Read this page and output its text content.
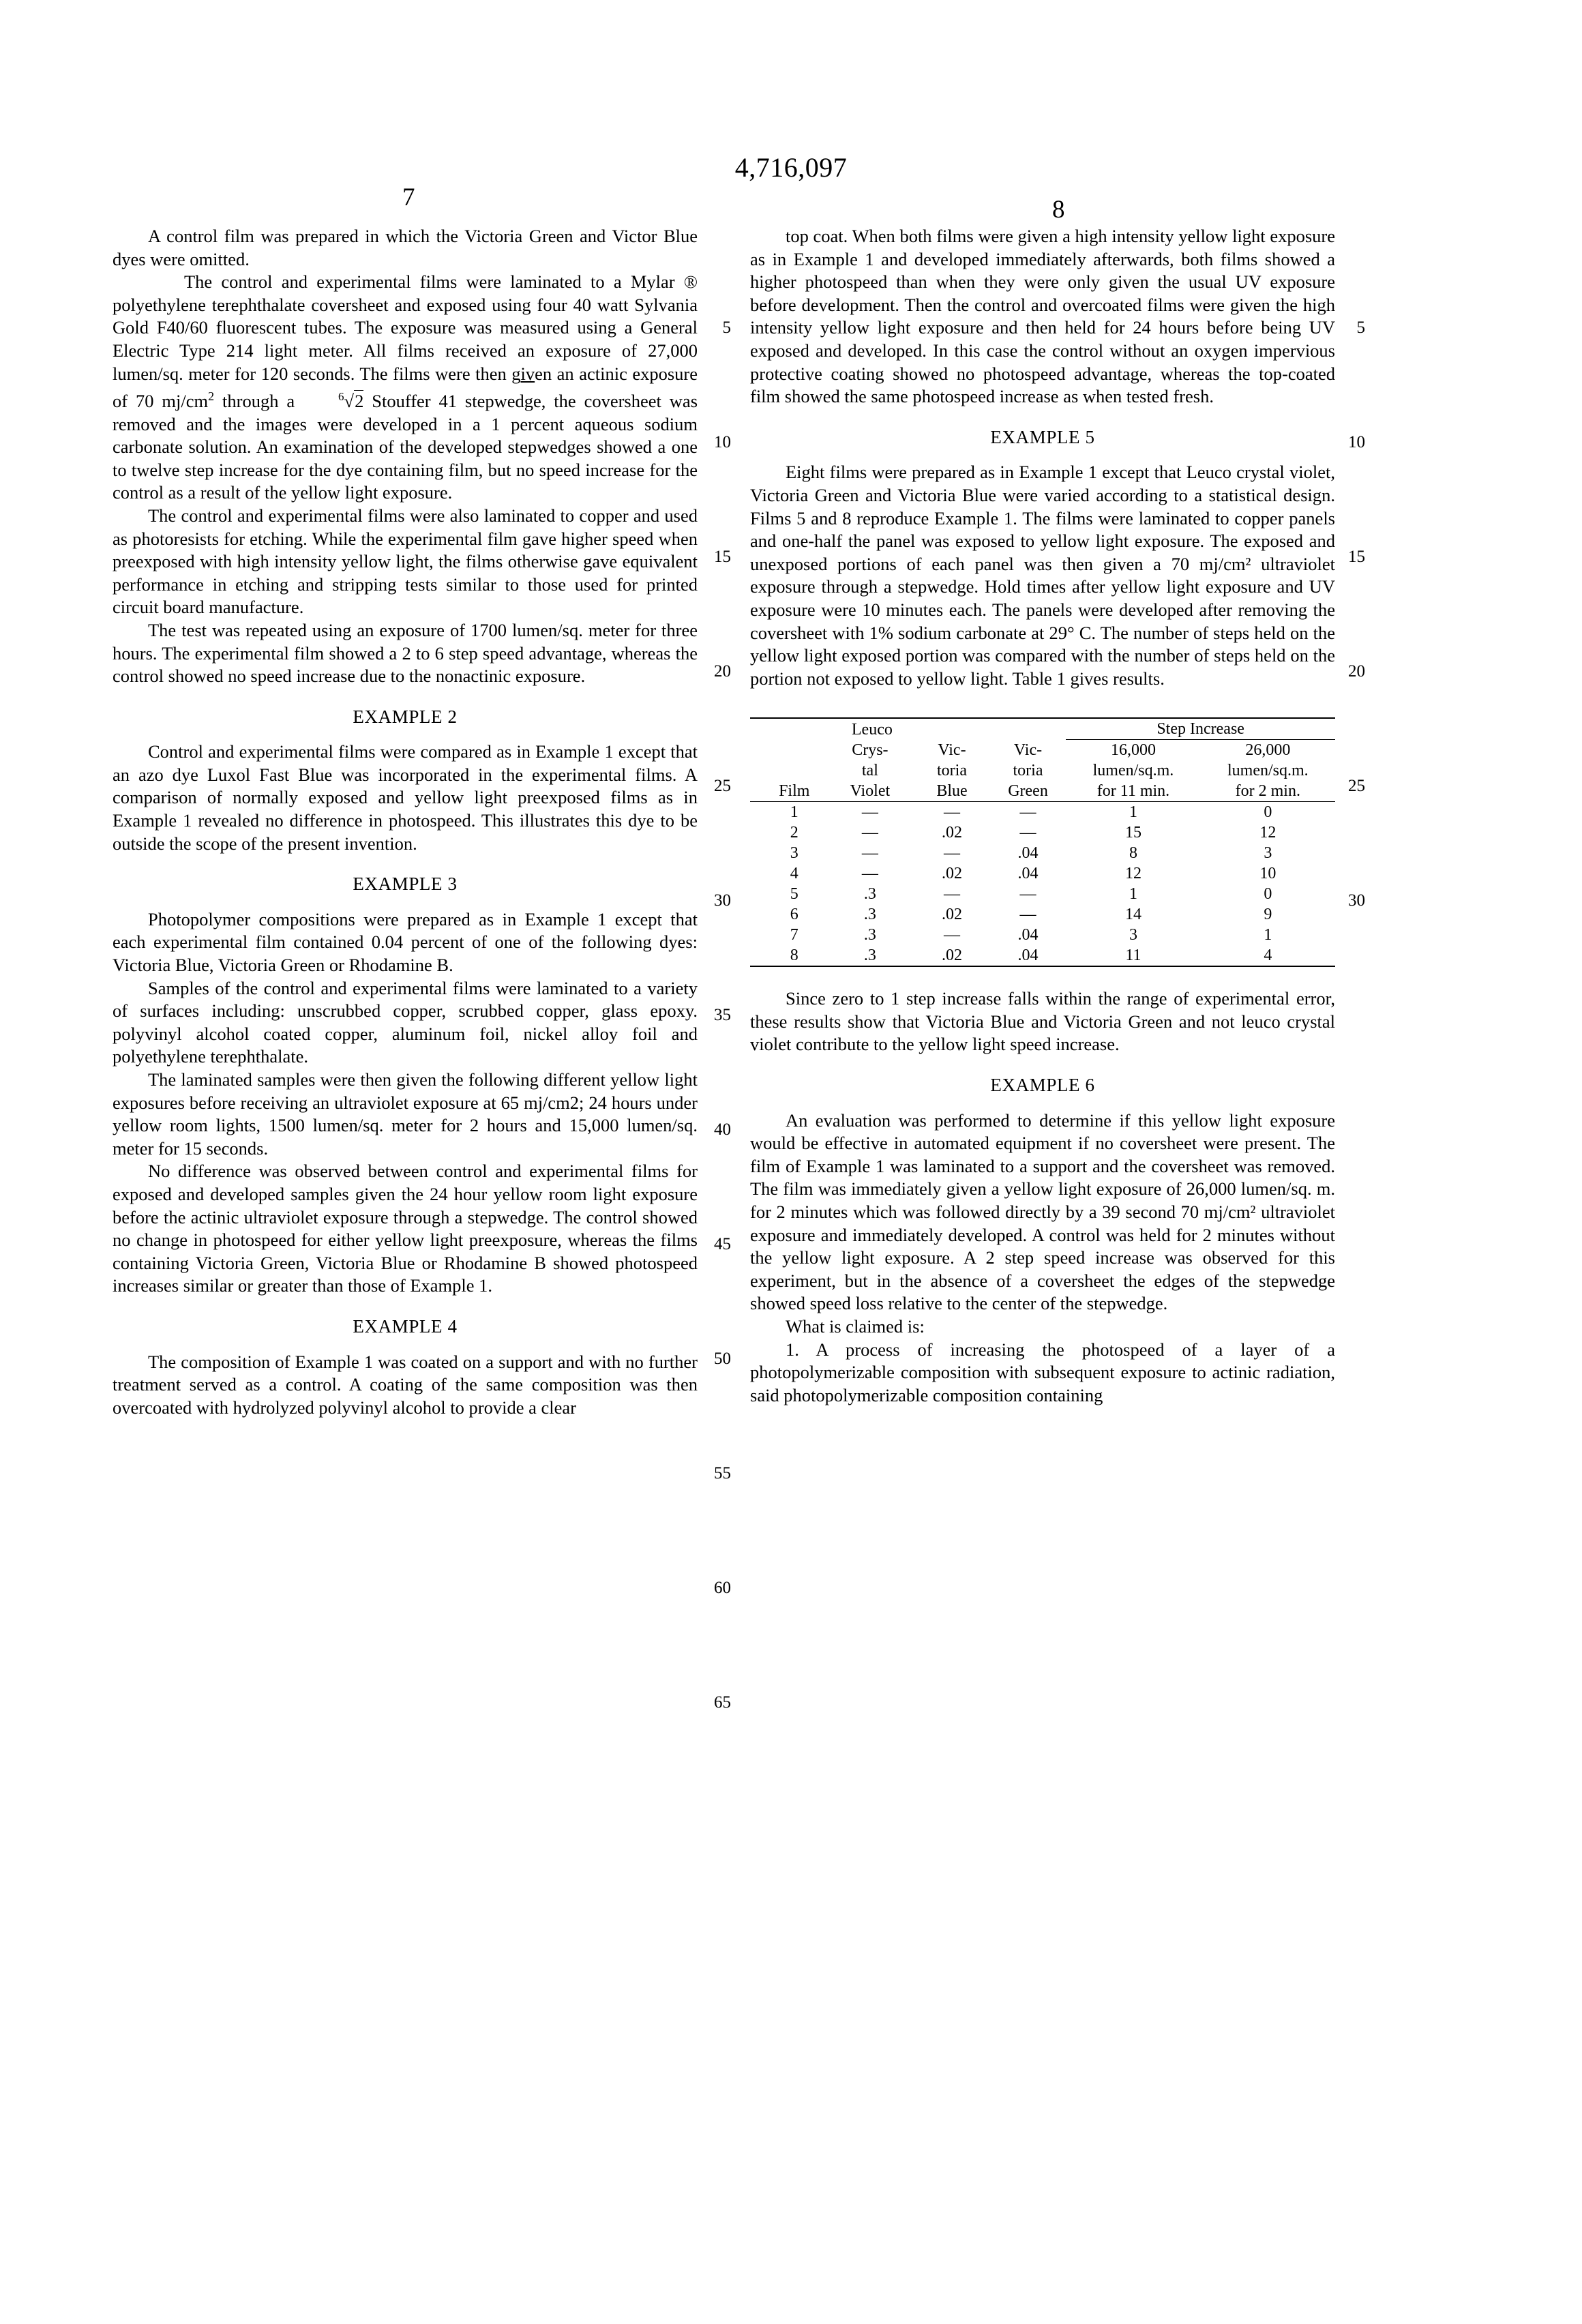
4,716,097
7	8

A control film was prepared in which the Victoria Green and Victor Blue dyes were omitted.

The control and experimental films were laminated to a Mylar ® polyethylene terephthalate coversheet and exposed using four 40 watt Sylvania Gold F40/60 fluorescent tubes. The exposure was measured using a General Electric Type 214 light meter. All films received an exposure of 27,000 lumen/sq. meter for 120 seconds. The films were then given an actinic exposure of 70 $mj/cm^2$ through a	$^6$√2 Stouffer 41 stepwedge, the coversheet was removed and the images were developed in a 1 percent aqueous sodium carbonate solution. An examination of the developed stepwedges showed a one to twelve step increase for the dye containing film, but no speed increase for the control as a result of the yellow light exposure.

The control and experimental films were also laminated to copper and used as photoresists for etching. While the experimental film gave higher speed when preexposed with high intensity yellow light, the films otherwise gave equivalent performance in etching and stripping tests similar to those used for printed circuit board manufacture.

The test was repeated using an exposure of 1700 lumen/sq. meter for three hours. The experimental film showed a 2 to 6 step speed advantage, whereas the control showed no speed increase due to the nonactinic exposure.

EXAMPLE 2

Control and experimental films were compared as in Example 1 except that an azo dye Luxol Fast Blue was incorporated in the experimental films. A comparison of normally exposed and yellow light preexposed films as in Example 1 revealed no difference in photospeed. This illustrates this dye to be outside the scope of the present invention.

EXAMPLE 3

Photopolymer compositions were prepared as in Example 1 except that each experimental film contained 0.04 percent of one of the following dyes: Victoria Blue, Victoria Green or Rhodamine B.

Samples of the control and experimental films were laminated to a variety of surfaces including: unscrubbed copper, scrubbed copper, glass epoxy. polyvinyl alcohol coated copper, aluminum foil, nickel alloy foil and polyethylene terephthalate.

The laminated samples were then given the following different yellow light exposures before receiving an ultraviolet exposure at 65 mj/cm2; 24 hours under yellow room lights, 1500 lumen/sq. meter for 2 hours and 15,000 lumen/sq. meter for 15 seconds.

No difference was observed between control and experimental films for exposed and developed samples given the 24 hour yellow room light exposure before the actinic ultraviolet exposure through a stepwedge. The control showed no change in photospeed for either yellow light preexposure, whereas the films containing Victoria Green, Victoria Blue or Rhodamine B showed photospeed increases similar or greater than those of Example 1.

EXAMPLE 4

The composition of Example 1 was coated on a support and with no further treatment served as a control. A coating of the same composition was then overcoated with hydrolyzed polyvinyl alcohol to provide a clear

5
10
15
20
25
30
35
40
45
50
55
60
65

top coat. When both films were given a high intensity yellow light exposure as in Example 1 and developed immediately afterwards, both films showed a higher photospeed than when they were only given the usual UV exposure before development. Then the control and overcoated films were given the high intensity yellow light exposure and then held for 24 hours before being UV exposed and developed. In this case the control without an oxygen impervious protective coating showed no photospeed advantage, whereas the top-coated film showed the same photospeed increase as when tested fresh.

EXAMPLE 5

Eight films were prepared as in Example 1 except that Leuco crystal violet, Victoria Green and Victoria Blue were varied according to a statistical design. Films 5 and 8 reproduce Example 1. The films were laminated to copper panels and one-half the panel was exposed to yellow light exposure. The exposed and unexposed portions of each panel was then given a 70 mj/cm² ultraviolet exposure through a stepwedge. Hold times after yellow light exposure and UV exposure were 10 minutes each. The panels were developed after removing the coversheet with 1% sodium carbonate at 29° C. The number of steps held on the yellow light exposed portion was compared with the number of steps held on the portion not exposed to yellow light. Table 1 gives results.

	Leuco			Step Increase	
	Crys-	Vic-	Vic-	16,000	26,000
	tal	toria	toria	lumen/sq.m.	lumen/sq.m.
Film	Violet	Blue	Green	for 11 min.	for 2 min.
1	—	—	—	1	0
2	—	.02	—	15	12
3	—	—	.04	8	3
4	—	.02	.04	12	10
5	.3	—	—	1	0
6	.3	.02	—	14	9
7	.3	—	.04	3	1
8	.3	.02	.04	11	4

Since zero to 1 step increase falls within the range of experimental error, these results show that Victoria Blue and Victoria Green and not leuco crystal violet contribute to the yellow light speed increase.

EXAMPLE 6

An evaluation was performed to determine if this yellow light exposure would be effective in automated equipment if no coversheet were present. The film of Example 1 was laminated to a support and the coversheet was removed. The film was immediately given a yellow light exposure of 26,000 lumen/sq. m. for 2 minutes which was followed directly by a 39 second 70 mj/cm² ultraviolet exposure and immediately developed. A control was held for 2 minutes without the yellow light exposure. A 2 step speed increase was observed for this experiment, but in the absence of a coversheet the edges of the stepwedge showed speed loss relative to the center of the stepwedge.

What is claimed is:

1. A process of increasing the photospeed of a layer of a photopolymerizable composition with subsequent exposure to actinic radiation, said photopolymerizable composition containing

5
10
15
20
25
30
